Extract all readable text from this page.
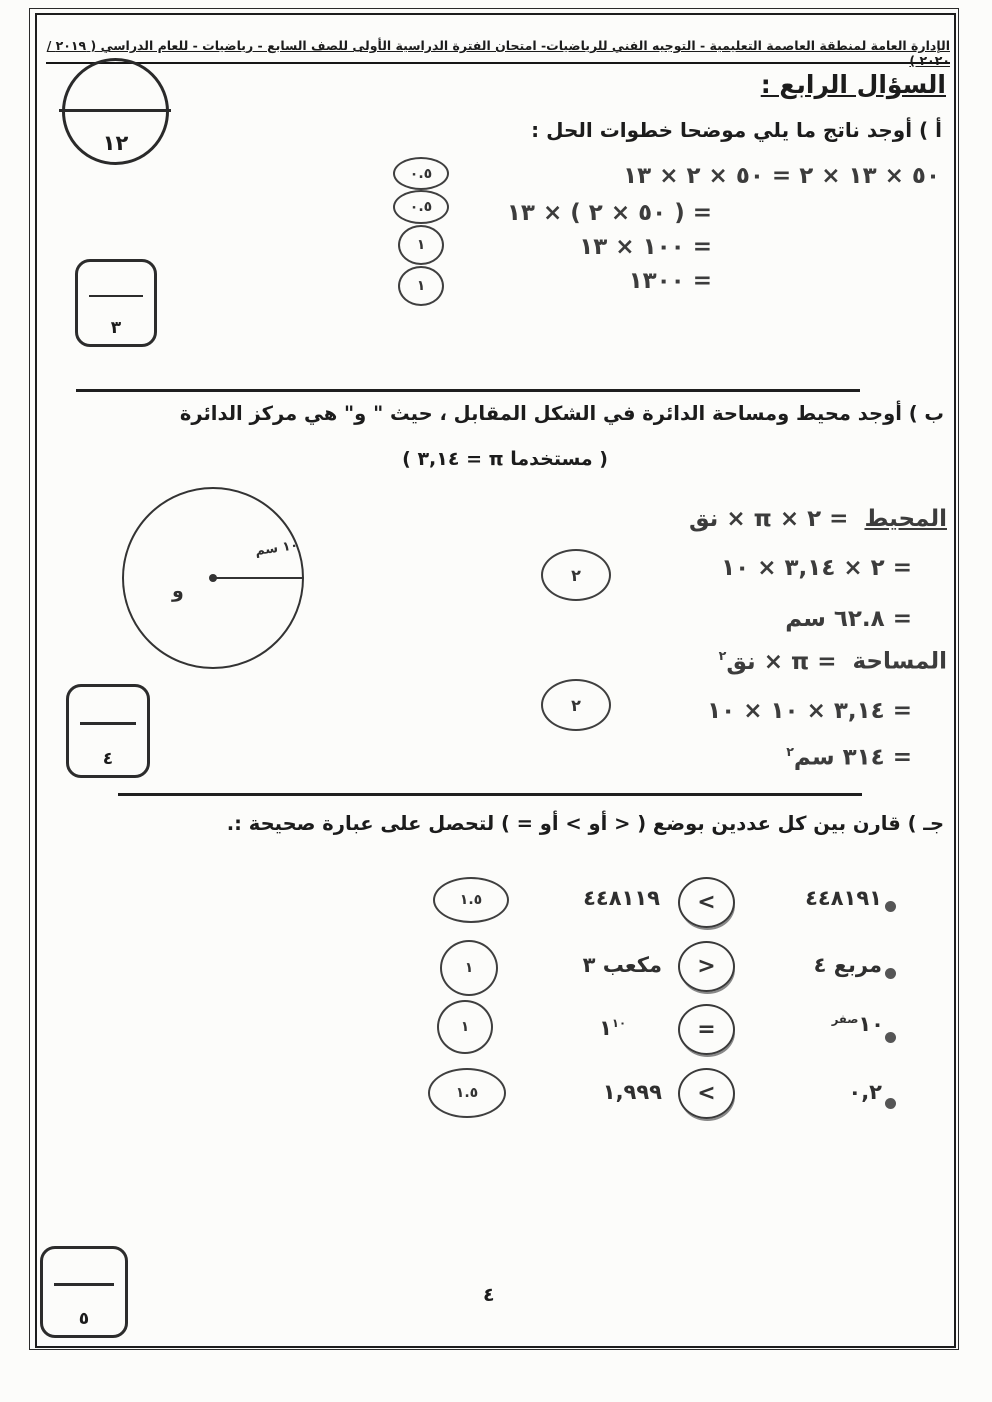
الإدارة العامة لمنطقة العاصمة التعليمية - التوجيه الفني للرياضيات- امتحان الفترة الدراسية الأولى للصف السابع - رياضيات - للعام الدراسي ( ٢٠١٩ / ٢٠٢٠ )
السؤال الرابع :
١٢
أ ) أوجد ناتج ما يلي موضحا خطوات الحل :
٥٠ × ١٣ × ٢ = ٥٠ × ٢ × ١٣
= ( ٥٠ × ٢ ) × ١٣
= ١٠٠ × ١٣
= ١٣٠٠
٠.٥
٠.٥
١
١
٣
ب ) أوجد محيط ومساحة الدائرة في الشكل المقابل ، حيث " و" هي مركز الدائرة
( مستخدما π = ٣,١٤ )
و
١٠ سم
المحيط = ٢ × π × نق
= ٢ × ٣,١٤ × ١٠
= ٦٢.٨ سم
٢
المساحة = π × نق$^٢$
= ٣,١٤ × ١٠ × ١٠
= ٣١٤ سم$^٢$
٢
٤
جـ ) قارن بين كل عددين بوضع ( < أو > أو = ) لتحصل على عبارة صحيحة :.
٤٤٨١٩١
<
٤٤٨١١٩
١.٥
مربع ٤
>
مكعب ٣
١
$١٠^{صفر}$
=
$١^{١٠}$
١
٠,٢
<
١,٩٩٩
١.٥
٥
٤
